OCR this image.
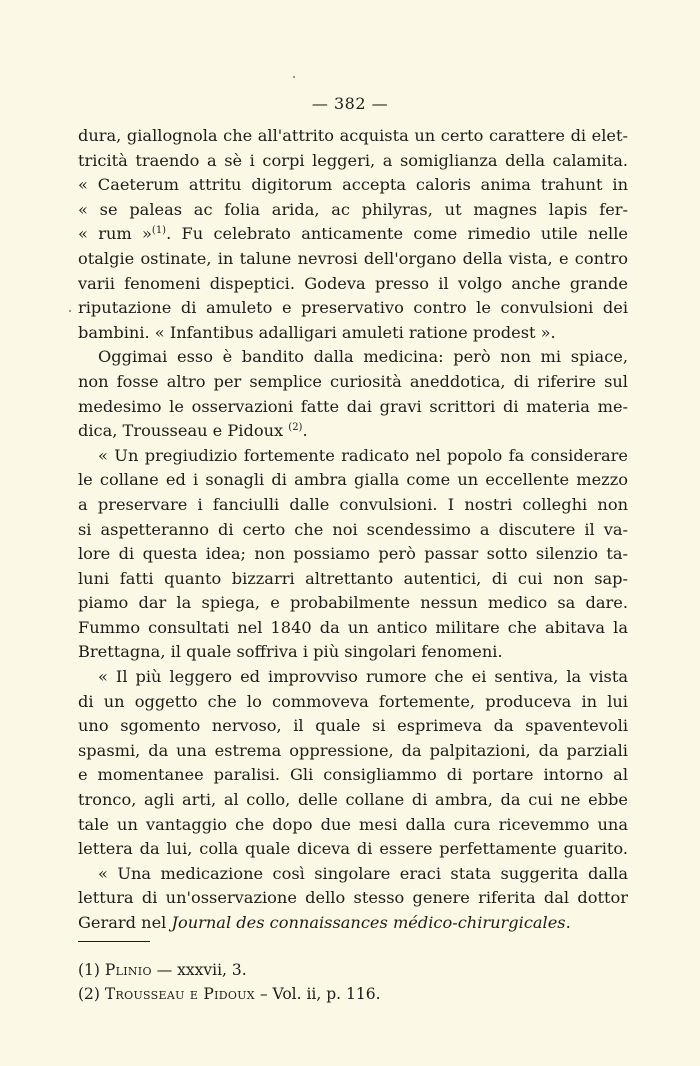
— 382 —
dura, giallognola che all'attrito acquista un certo carattere di elet-
tricità traendo a sè i corpi leggeri, a somiglianza della calamita.
« Caeterum attritu digitorum accepta caloris anima trahunt in
« se paleas ac folia arida, ac philyras, ut magnes lapis fer-
« rum »$^{(1)}$. Fu celebrato anticamente come rimedio utile nelle
otalgie ostinate, in talune nevrosi dell'organo della vista, e contro
varii fenomeni dispeptici. Godeva presso il volgo anche grande
riputazione di amuleto e preservativo contro le convulsioni dei
bambini. « Infantibus adalligari amuleti ratione prodest ».
Oggimai esso è bandito dalla medicina: però non mi spiace,
non fosse altro per semplice curiosità aneddotica, di riferire sul
medesimo le osservazioni fatte dai gravi scrittori di materia me-
dica, Trousseau e Pidoux $^{(2)}$.
« Un pregiudizio fortemente radicato nel popolo fa considerare
le collane ed i sonagli di ambra gialla come un eccellente mezzo
a preservare i fanciulli dalle convulsioni. I nostri colleghi non
si aspetteranno di certo che noi scendessimo a discutere il va-
lore di questa idea; non possiamo però passar sotto silenzio ta-
luni fatti quanto bizzarri altrettanto autentici, di cui non sap-
piamo dar la spiega, e probabilmente nessun medico sa dare.
Fummo consultati nel 1840 da un antico militare che abitava la
Brettagna, il quale soffriva i più singolari fenomeni.
« Il più leggero ed improvviso rumore che ei sentiva, la vista
di un oggetto che lo commoveva fortemente, produceva in lui
uno sgomento nervoso, il quale si esprimeva da spaventevoli
spasmi, da una estrema oppressione, da palpitazioni, da parziali
e momentanee paralisi. Gli consigliammo di portare intorno al
tronco, agli arti, al collo, delle collane di ambra, da cui ne ebbe
tale un vantaggio che dopo due mesi dalla cura ricevemmo una
lettera da lui, colla quale diceva di essere perfettamente guarito.
« Una medicazione così singolare eraci stata suggerita dalla
lettura di un'osservazione dello stesso genere riferita dal dottor
Gerard nel Journal des connaissances médico-chirurgicales.
(1) Plinio — xxxvii, 3.
(2) Trousseau e Pidoux – Vol. ii, p. 116.
